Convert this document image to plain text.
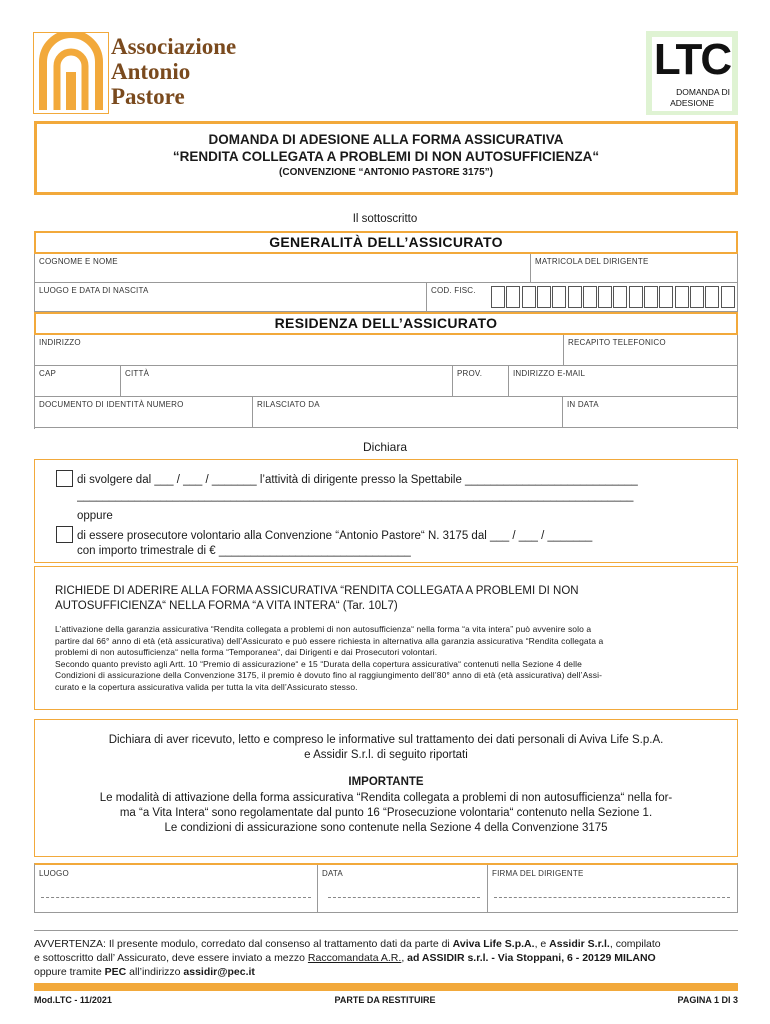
Associazione
Antonio
Pastore
LTC
DOMANDA DI
ADESIONE
DOMANDA DI ADESIONE ALLA FORMA ASSICURATIVA
“RENDITA COLLEGATA A PROBLEMI DI NON AUTOSUFFICIENZA“
(CONVENZIONE “ANTONIO PASTORE 3175”)
Il sottoscritto
GENERALITÀ DELL’ASSICURATO
COGNOME E NOME	MATRICOLA DEL DIRIGENTE
LUOGO E DATA DI NASCITA	COD. FISC.
RESIDENZA DELL’ASSICURATO
INDIRIZZO	RECAPITO TELEFONICO
CAP	CITTÀ	PROV.	INDIRIZZO E-MAIL
DOCUMENTO DI IDENTITÀ NUMERO	RILASCIATO DA	IN DATA
Dichiara
di svolgere dal ___ / ___ / _______ l’attività di dirigente presso la Spettabile ___________________________
_______________________________________________________________________________________
oppure
di essere prosecutore volontario alla Convenzione “Antonio Pastore“ N. 3175 dal ___ / ___ / _______
con importo trimestrale di € ______________________________
RICHIEDE DI ADERIRE ALLA FORMA ASSICURATIVA “RENDITA COLLEGATA A PROBLEMI DI NON
AUTOSUFFICIENZA“ NELLA FORMA “A VITA INTERA“ (Tar. 10L7)
L’attivazione della garanzia assicurativa “Rendita collegata a problemi di non autosufficienza“ nella forma “a vita intera” può avvenire solo a
partire dal 66° anno di età (età assicurativa) dell’Assicurato e può essere richiesta in alternativa alla garanzia assicurativa “Rendita collegata a
problemi di non autosufficienza“ nella forma “Temporanea“, dai Dirigenti e dai Prosecutori volontari.
Secondo quanto previsto agli Artt. 10 “Premio di assicurazione“ e 15 “Durata della copertura assicurativa“ contenuti nella Sezione 4 delle
Condizioni di assicurazione della Convenzione 3175, il premio è dovuto fino al raggiungimento dell’80° anno di età (età assicurativa) dell’Assi-
curato e la copertura assicurativa valida per tutta la vita dell’Assicurato stesso.
Dichiara di aver ricevuto, letto e compreso le informative sul trattamento dei dati personali di Aviva Life S.p.A.
e Assidir S.r.l. di seguito riportati
IMPORTANTE
Le modalità di attivazione della forma assicurativa “Rendita collegata a problemi di non autosufficienza“ nella for-
ma “a Vita Intera“ sono regolamentate dal punto 16 “Prosecuzione volontaria“ contenuto nella Sezione 1.
Le condizioni di assicurazione sono contenute nella Sezione 4 della Convenzione 3175
LUOGO	DATA	FIRMA DEL DIRIGENTE
AVVERTENZA: Il presente modulo, corredato dal consenso al trattamento dati da parte di Aviva Life S.p.A., e Assidir S.r.l., compilato
e sottoscritto dall’ Assicurato, deve essere inviato a mezzo Raccomandata A.R., ad ASSIDIR s.r.l. - Via Stoppani, 6 - 20129 MILANO
oppure tramite PEC all’indirizzo assidir@pec.it
Mod.LTC - 11/2021	PARTE DA RESTITUIRE	PAGINA 1 DI 3
